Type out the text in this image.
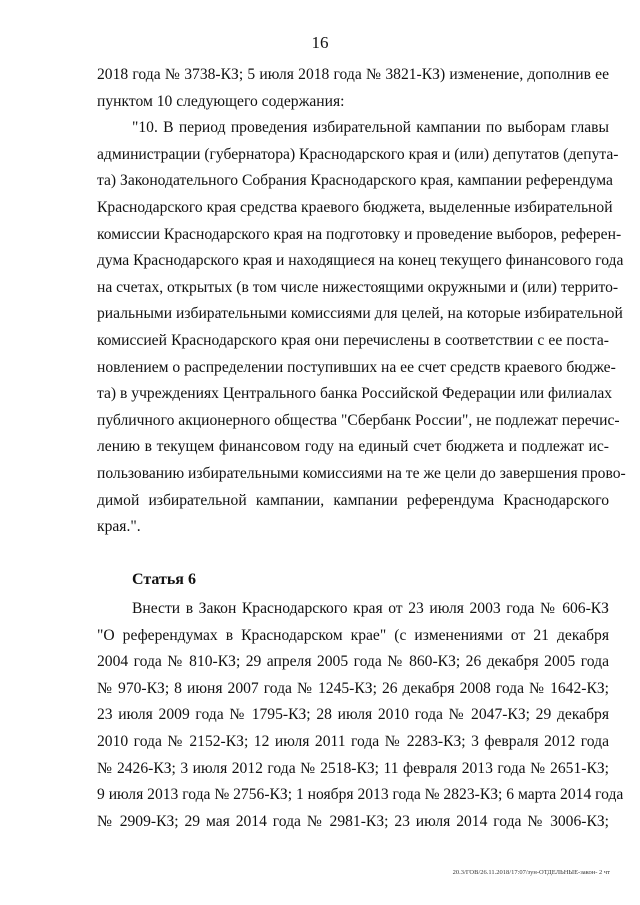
16
2018 года № 3738-КЗ; 5 июля 2018 года № 3821-КЗ) изменение, дополнив ее
пунктом 10 следующего содержания:
"10. В период проведения избирательной кампании по выборам главы
администрации (губернатора) Краснодарского края и (или) депутатов (депута-
та) Законодательного Собрания Краснодарского края, кампании референдума
Краснодарского края средства краевого бюджета, выделенные избирательной
комиссии Краснодарского края на подготовку и проведение выборов, референ-
дума Краснодарского края и находящиеся на конец текущего финансового года
на счетах, открытых (в том числе нижестоящими окружными и (или) террито-
риальными избирательными комиссиями для целей, на которые избирательной
комиссией Краснодарского края они перечислены в соответствии с ее поста-
новлением о распределении поступивших на ее счет средств краевого бюдже-
та) в учреждениях Центрального банка Российской Федерации или филиалах
публичного акционерного общества "Сбербанк России", не подлежат перечис-
лению в текущем финансовом году на единый счет бюджета и подлежат ис-
пользованию избирательными комиссиями на те же цели до завершения прово-
димой избирательной кампании, кампании референдума Краснодарского
края.".
Статья 6
Внести в Закон Краснодарского края от 23 июля 2003 года № 606-КЗ
"О референдумах в Краснодарском крае" (с изменениями от 21 декабря
2004 года № 810-КЗ; 29 апреля 2005 года № 860-КЗ; 26 декабря 2005 года
№ 970-КЗ; 8 июня 2007 года № 1245-КЗ; 26 декабря 2008 года № 1642-КЗ;
23 июля 2009 года № 1795-КЗ; 28 июля 2010 года № 2047-КЗ; 29 декабря
2010 года № 2152-КЗ; 12 июля 2011 года № 2283-КЗ; 3 февраля 2012 года
№ 2426-КЗ; 3 июля 2012 года № 2518-КЗ; 11 февраля 2013 года № 2651-КЗ;
9 июля 2013 года № 2756-КЗ; 1 ноября 2013 года № 2823-КЗ; 6 марта 2014 года
№ 2909-КЗ; 29 мая 2014 года № 2981-КЗ; 23 июля 2014 года № 3006-КЗ;
20.3/ГОВ/26.11.2018/17:07/зун-ОТДЕЛЬНЫЕ-закон- 2 чт
